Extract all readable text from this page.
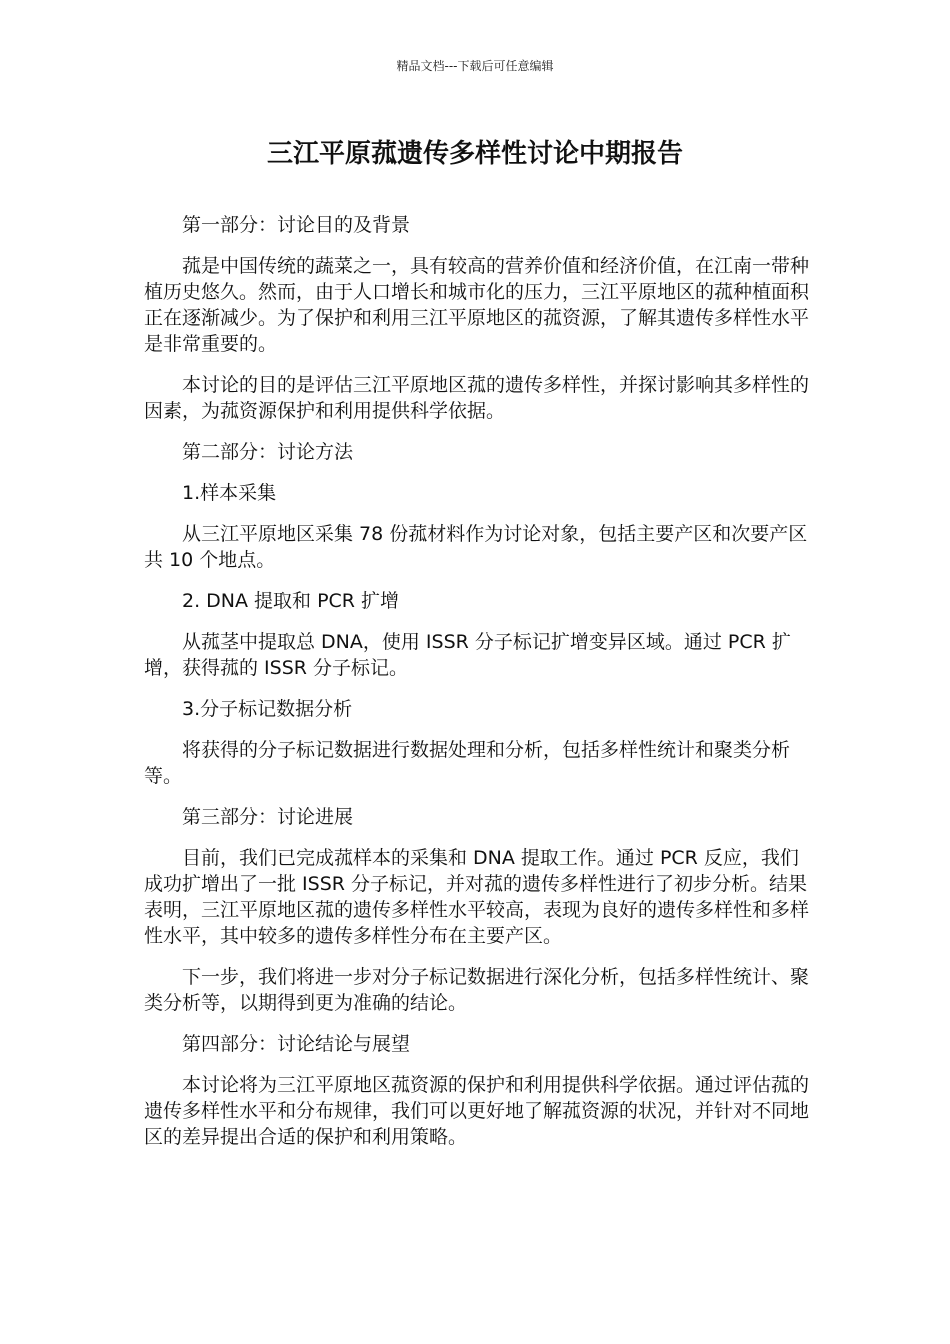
精品文档---下载后可任意编辑
三江平原菰遗传多样性讨论中期报告

第一部分：讨论目的及背景

菰是中国传统的蔬菜之一，具有较高的营养价值和经济价值，在江南一带种植历史悠久。然而，由于人口增长和城市化的压力，三江平原地区的菰种植面积正在逐渐减少。为了保护和利用三江平原地区的菰资源，了解其遗传多样性水平是非常重要的。

本讨论的目的是评估三江平原地区菰的遗传多样性，并探讨影响其多样性的因素，为菰资源保护和利用提供科学依据。

第二部分：讨论方法

1.样本采集

从三江平原地区采集 78 份菰材料作为讨论对象，包括主要产区和次要产区共 10 个地点。

2. DNA 提取和 PCR 扩增

从菰茎中提取总 DNA，使用 ISSR 分子标记扩增变异区域。通过 PCR 扩增，获得菰的 ISSR 分子标记。

3.分子标记数据分析

将获得的分子标记数据进行数据处理和分析，包括多样性统计和聚类分析等。

第三部分：讨论进展

目前，我们已完成菰样本的采集和 DNA 提取工作。通过 PCR 反应，我们成功扩增出了一批 ISSR 分子标记，并对菰的遗传多样性进行了初步分析。结果表明，三江平原地区菰的遗传多样性水平较高，表现为良好的遗传多样性和多样性水平，其中较多的遗传多样性分布在主要产区。

下一步，我们将进一步对分子标记数据进行深化分析，包括多样性统计、聚类分析等，以期得到更为准确的结论。

第四部分：讨论结论与展望

本讨论将为三江平原地区菰资源的保护和利用提供科学依据。通过评估菰的遗传多样性水平和分布规律，我们可以更好地了解菰资源的状况，并针对不同地区的差异提出合适的保护和利用策略。
